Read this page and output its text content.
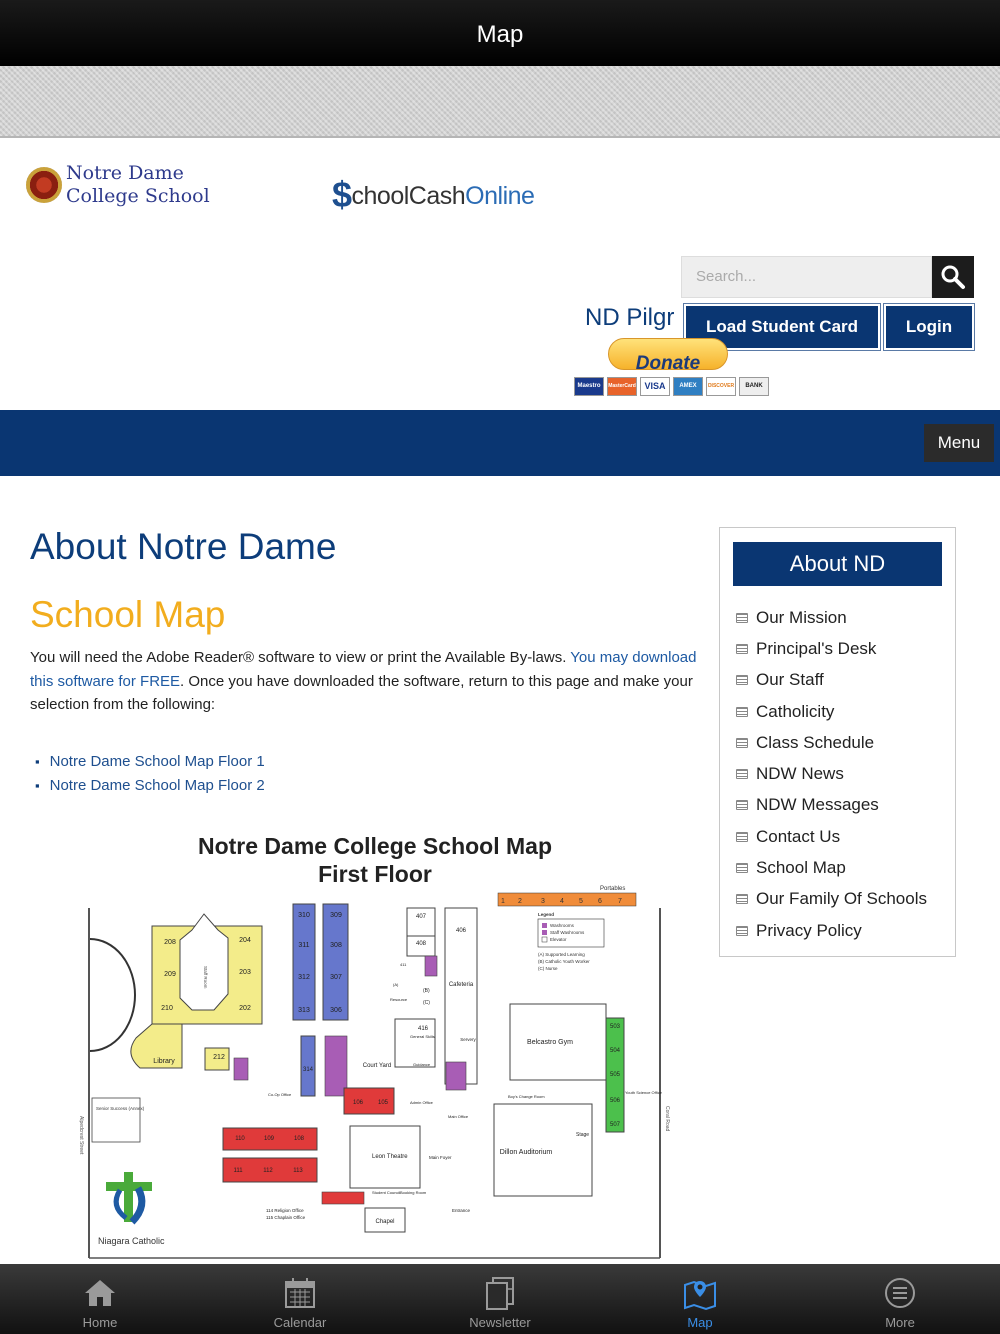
Map
Notre Dame
College School	$choolCashOnline
Search...
ND Pilgr	Load Student Card	Login
Donate
Maestro	MasterCard VISA	AMEX	DISCOVER	BANK
Menu
About Notre Dame
School Map
You will need the Adobe Reader® software to view or print the Available By-laws. You may download this software for FREE. Once you have downloaded the software, return to this page and make your selection from the following:
▪ Notre Dame School Map Floor 1
▪ Notre Dame School Map Floor 2
Notre Dame College School Map
First Floor
Alpedcrest Street	Coral Road
Portables
1 2	3 4 5 6 7
Legend
Washrooms
Staff Washrooms
Elevator
(A) Supported Learning
(B) Catholic Youth Worker
(C) Nurse
208
209
210
204
203
202
Staff Room
Library
212
310
311
312
313
309
308
307
306
314
407
408
411
(A)
(B)
(C)
Resource
406
Cafeteria
Servery
416
General Skills
Guidance
Court Yard
Belcastro Gym
503
504
505
506
507
Youth Science Office
Boy's Change Room
Dillon Auditorium
Stage
106 105	Admin Office
Main Office
Co-Op Office
110	109	108
111	112	113
Leon Theatre	Main Foyer
Student Council Booking Room
Chapel
Entrance
114 Religion Office
115 Chaplain Office
Senior Success (Annex)
Niagara Catholic
About ND
Our Mission
Principal's Desk
Our Staff
Catholicity
Class Schedule
NDW News
NDW Messages
Contact Us
School Map
Our Family Of Schools
Privacy Policy
Home	Calendar	Newsletter	Map	More
